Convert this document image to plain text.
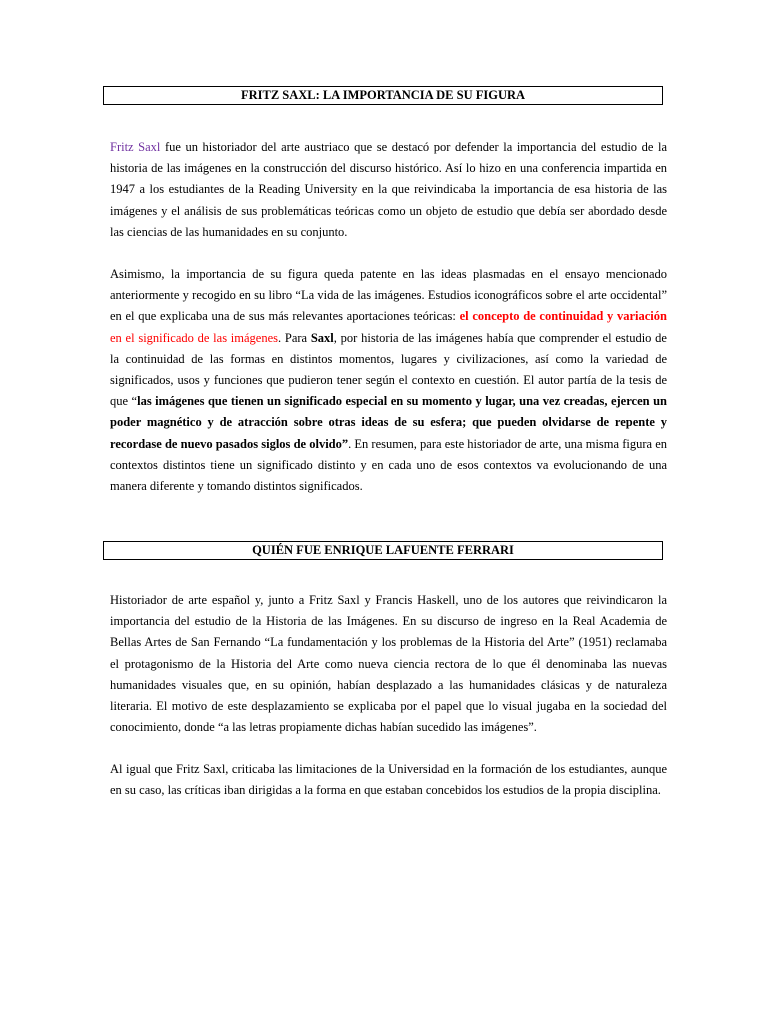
FRITZ SAXL: LA IMPORTANCIA DE SU FIGURA

Fritz Saxl fue un historiador del arte austriaco que se destacó por defender la importancia del estudio de la historia de las imágenes en la construcción del discurso histórico. Así lo hizo en una conferencia impartida en 1947 a los estudiantes de la Reading University en la que reivindicaba la importancia de esa historia de las imágenes y el análisis de sus problemáticas teóricas como un objeto de estudio que debía ser abordado desde las ciencias de las humanidades en su conjunto.

Asimismo, la importancia de su figura queda patente en las ideas plasmadas en el ensayo mencionado anteriormente y recogido en su libro “La vida de las imágenes. Estudios iconográficos sobre el arte occidental” en el que explicaba una de sus más relevantes aportaciones teóricas: el concepto de continuidad y variación en el significado de las imágenes. Para Saxl, por historia de las imágenes había que comprender el estudio de la continuidad de las formas en distintos momentos, lugares y civilizaciones, así como la variedad de significados, usos y funciones que pudieron tener según el contexto en cuestión. El autor partía de la tesis de que “las imágenes que tienen un significado especial en su momento y lugar, una vez creadas, ejercen un poder magnético y de atracción sobre otras ideas de su esfera; que pueden olvidarse de repente y recordase de nuevo pasados siglos de olvido”. En resumen, para este historiador de arte, una misma figura en contextos distintos tiene un significado distinto y en cada uno de esos contextos va evolucionando de una manera diferente y tomando distintos significados.

QUIÉN FUE ENRIQUE LAFUENTE FERRARI

Historiador de arte español y, junto a Fritz Saxl y Francis Haskell, uno de los autores que reivindicaron la importancia del estudio de la Historia de las Imágenes. En su discurso de ingreso en la Real Academia de Bellas Artes de San Fernando “La fundamentación y los problemas de la Historia del Arte” (1951) reclamaba el protagonismo de la Historia del Arte como nueva ciencia rectora de lo que él denominaba las nuevas humanidades visuales que, en su opinión, habían desplazado a las humanidades clásicas y de naturaleza literaria. El motivo de este desplazamiento se explicaba por el papel que lo visual jugaba en la sociedad del conocimiento, donde “a las letras propiamente dichas habían sucedido las imágenes”.

Al igual que Fritz Saxl, criticaba las limitaciones de la Universidad en la formación de los estudiantes, aunque en su caso, las críticas iban dirigidas a la forma en que estaban concebidos los estudios de la propia disciplina.
